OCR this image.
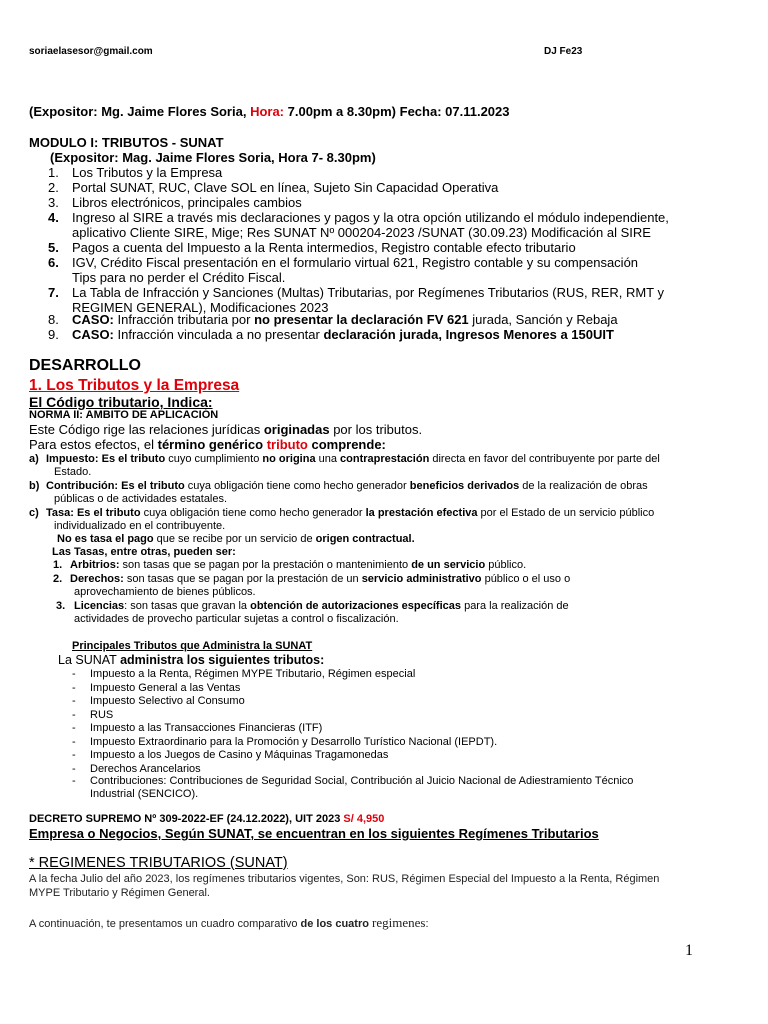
soriaelasesor@gmail.com	DJ Fe23
(Expositor: Mg. Jaime Flores Soria, Hora: 7.00pm a 8.30pm) Fecha: 07.11.2023
MODULO I: TRIBUTOS - SUNAT
(Expositor: Mag. Jaime Flores Soria, Hora 7- 8.30pm)
1. Los Tributos y la Empresa
2. Portal SUNAT, RUC, Clave SOL en línea, Sujeto Sin Capacidad Operativa
3. Libros electrónicos, principales cambios
4. Ingreso al SIRE a través mis declaraciones y pagos y la otra opción utilizando el módulo independiente,
aplicativo Cliente SIRE, Mige; Res SUNAT Nº 000204-2023 /SUNAT (30.09.23) Modificación al SIRE
5. Pagos a cuenta del Impuesto a la Renta intermedios, Registro contable efecto tributario
6. IGV, Crédito Fiscal presentación en el formulario virtual 621, Registro contable y su compensación
Tips para no perder el Crédito Fiscal.
7. La Tabla de Infracción y Sanciones (Multas) Tributarias, por Regímenes Tributarios (RUS, RER, RMT y
REGIMEN GENERAL), Modificaciones 2023
8. CASO: Infracción tributaria por no presentar la declaración FV 621 jurada, Sanción y Rebaja
9. CASO: Infracción vinculada a no presentar declaración jurada, Ingresos Menores a 150UIT
DESARROLLO
1. Los Tributos y la Empresa
El Código tributario, Indica:
NORMA II: AMBITO DE APLICACIÓN
Este Código rige las relaciones jurídicas originadas por los tributos.
Para estos efectos, el término genérico tributo comprende:
a) Impuesto: Es el tributo cuyo cumplimiento no origina una contraprestación directa en favor del contribuyente por parte del
Estado.
b) Contribución: Es el tributo cuya obligación tiene como hecho generador beneficios derivados de la realización de obras
públicas o de actividades estatales.
c) Tasa: Es el tributo cuya obligación tiene como hecho generador la prestación efectiva por el Estado de un servicio público
individualizado en el contribuyente.
No es tasa el pago que se recibe por un servicio de origen contractual.
Las Tasas, entre otras, pueden ser:
1. Arbitrios: son tasas que se pagan por la prestación o mantenimiento de un servicio público.
2. Derechos: son tasas que se pagan por la prestación de un servicio administrativo público o el uso o
aprovechamiento de bienes públicos.
3. Licencias: son tasas que gravan la obtención de autorizaciones específicas para la realización de
actividades de provecho particular sujetas a control o fiscalización.
Principales Tributos que Administra la SUNAT
La SUNAT administra los siguientes tributos:
- Impuesto a la Renta, Régimen MYPE Tributario, Régimen especial
- Impuesto General a las Ventas
- Impuesto Selectivo al Consumo
- RUS
- Impuesto a las Transacciones Financieras (ITF)
- Impuesto Extraordinario para la Promoción y Desarrollo Turístico Nacional (IEPDT).
- Impuesto a los Juegos de Casino y Máquinas Tragamonedas
- Derechos Arancelarios
- Contribuciones: Contribuciones de Seguridad Social, Contribución al Juicio Nacional de Adiestramiento Técnico
Industrial (SENCICO).
DECRETO SUPREMO Nº 309-2022-EF (24.12.2022), UIT 2023 S/ 4,950
Empresa o Negocios, Según SUNAT, se encuentran en los siguientes Regímenes Tributarios
* REGIMENES TRIBUTARIOS (SUNAT)
A la fecha Julio del año 2023, los regímenes tributarios vigentes, Son: RUS, Régimen Especial del Impuesto a la Renta, Régimen
MYPE Tributario y Régimen General.
A continuación, te presentamos un cuadro comparativo de los cuatro regimenes:
1
